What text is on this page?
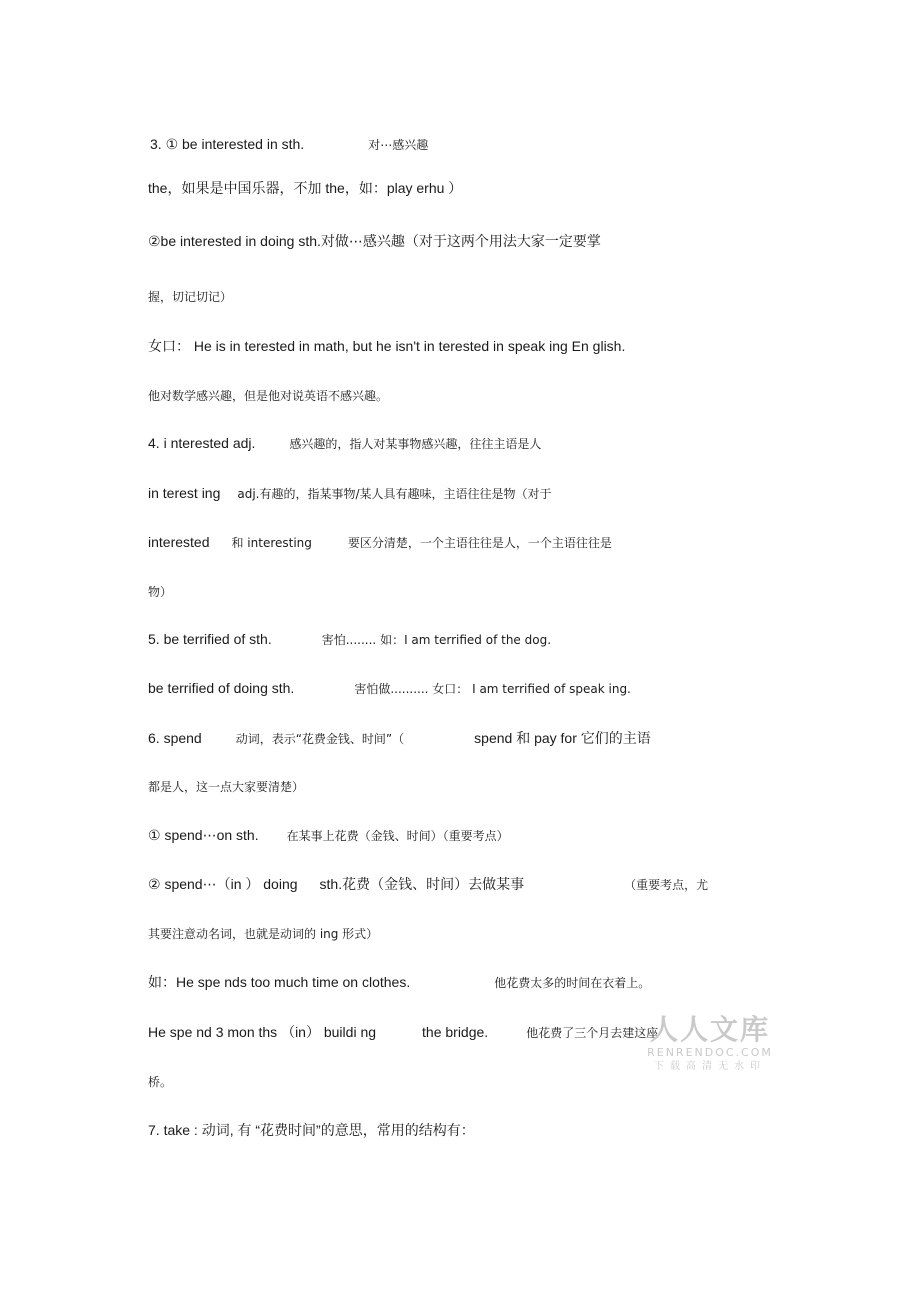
3. ① be interested in sth.	对⋯感兴趣
the，如果是中国乐器，不加 the，如：play erhu ）
②be interested in doing sth.对做⋯感兴趣（对于这两个用法大家一定要掌
握，切记切记）
女口： He is in terested in math, but he isn't in terested in speak ing En glish.
他对数学感兴趣，但是他对说英语不感兴趣。
4. i nterested adj.	感兴趣的，指人对某事物感兴趣，往往主语是人
in terest ing adj.有趣的，指某事物/某人具有趣味，主语往往是物（对于
interested 和 interesting	要区分清楚，一个主语往往是人，一个主语往往是
物）
5. be terrified of sth.	害怕........ 如：I am terrified of the dog.
be terrified of doing sth.	害怕做.......... 女口： I am terrified of speak ing.
6. spend	动词，表示“花费金钱、时间”（	spend 和 pay for 它们的主语
都是人，这一点大家要清楚）
① spend⋯on sth. 在某事上花费（金钱、时间）（重要考点）
② spend⋯（in ） doing sth.花费（金钱、时间）去做某事	（重要考点，尤
其要注意动名词，也就是动词的 ing 形式）
如：He spe nds too much time on clothes.	他花费太多的时间在衣着上。
He spe nd 3 mon ths （in） buildi ng	the bridge.	他花费了三个月去建这座
桥。
7. take : 动词, 有 “花费时间”的意思，常用的结构有：
人人文库
RENRENDOC.COM
下载高清无水印
